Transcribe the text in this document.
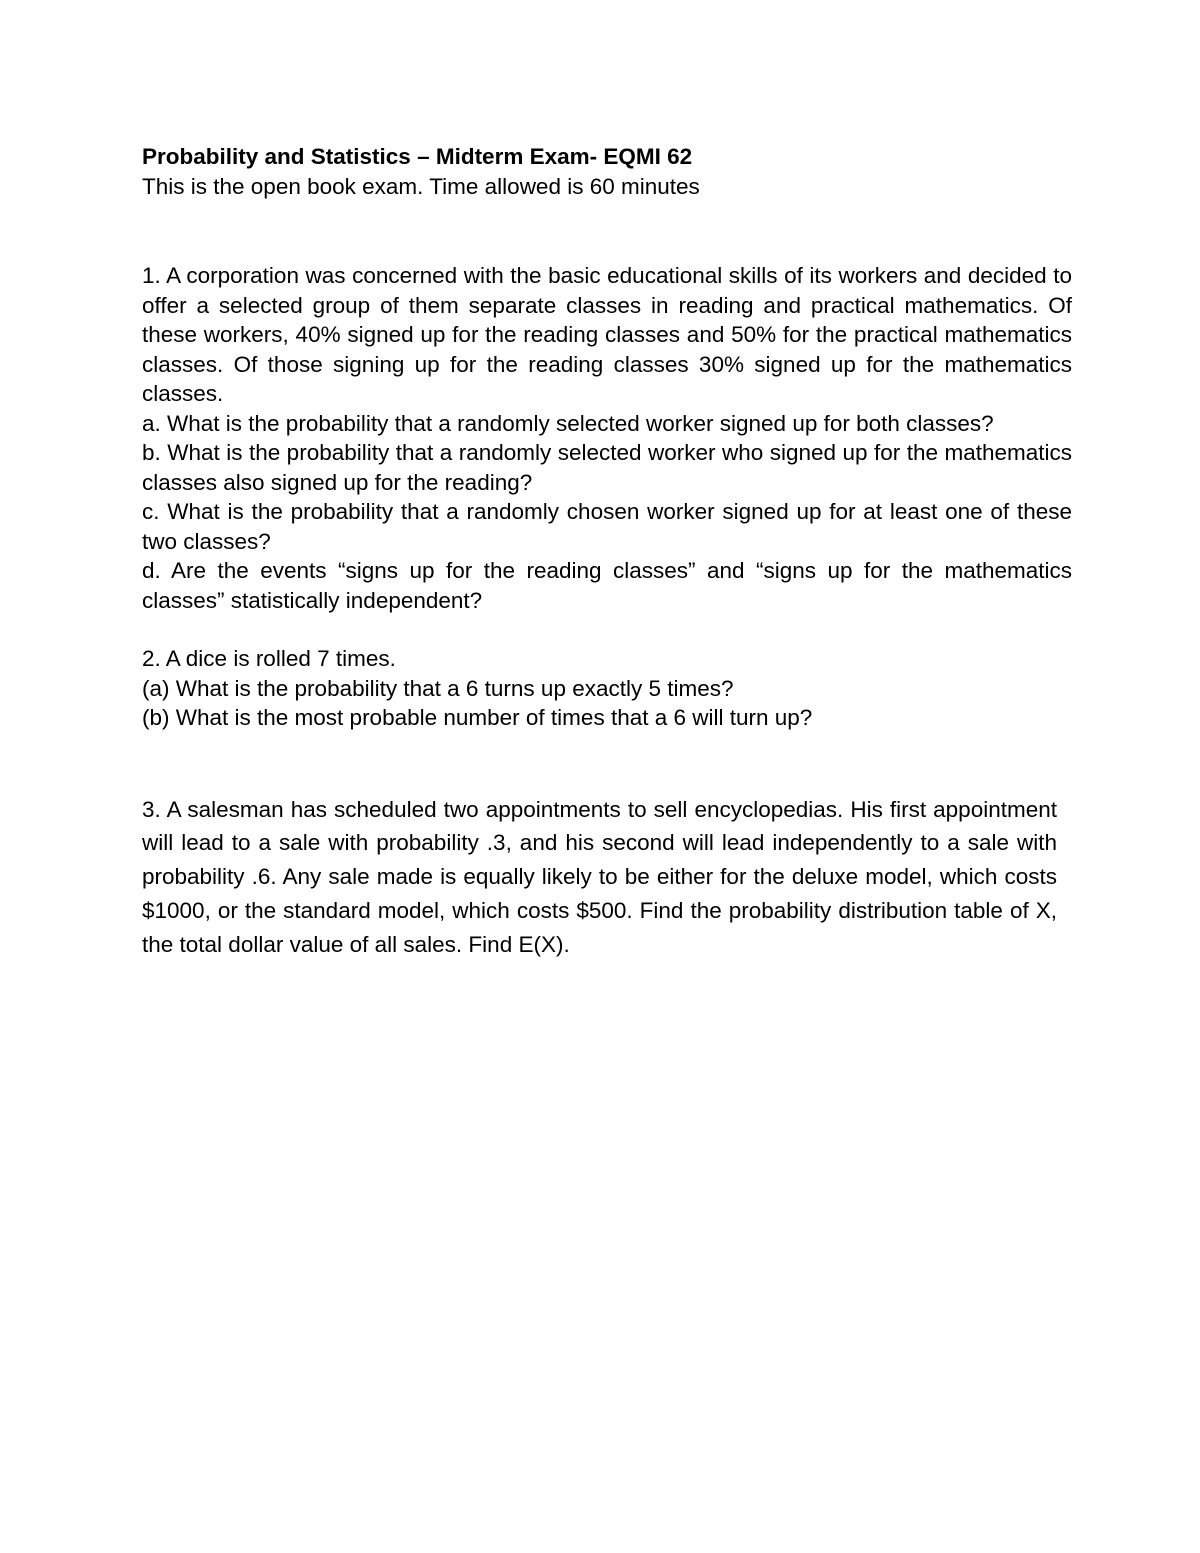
Probability and Statistics – Midterm Exam- EQMI 62

This is the open book exam. Time allowed is 60 minutes

1. A corporation was concerned with the basic educational skills of its workers and decided to offer a selected group of them separate classes in reading and practical mathematics. Of these workers, 40% signed up for the reading classes and 50% for the practical mathematics classes. Of those signing up for the reading classes 30% signed up for the mathematics classes.

a. What is the probability that a randomly selected worker signed up for both classes?

b. What is the probability that a randomly selected worker who signed up for the mathematics classes also signed up for the reading?

c. What is the probability that a randomly chosen worker signed up for at least one of these two classes?

d. Are the events “signs up for the reading classes” and “signs up for the mathematics classes” statistically independent?

2. A dice is rolled 7 times.

(a) What is the probability that a 6 turns up exactly 5 times?

(b) What is the most probable number of times that a 6 will turn up?

3. A salesman has scheduled two appointments to sell encyclopedias. His first appointment will lead to a sale with probability .3, and his second will lead independently to a sale with probability .6. Any sale made is equally likely to be either for the deluxe model, which costs $1000, or the standard model, which costs $500. Find the probability distribution table of X, the total dollar value of all sales. Find E(X).
